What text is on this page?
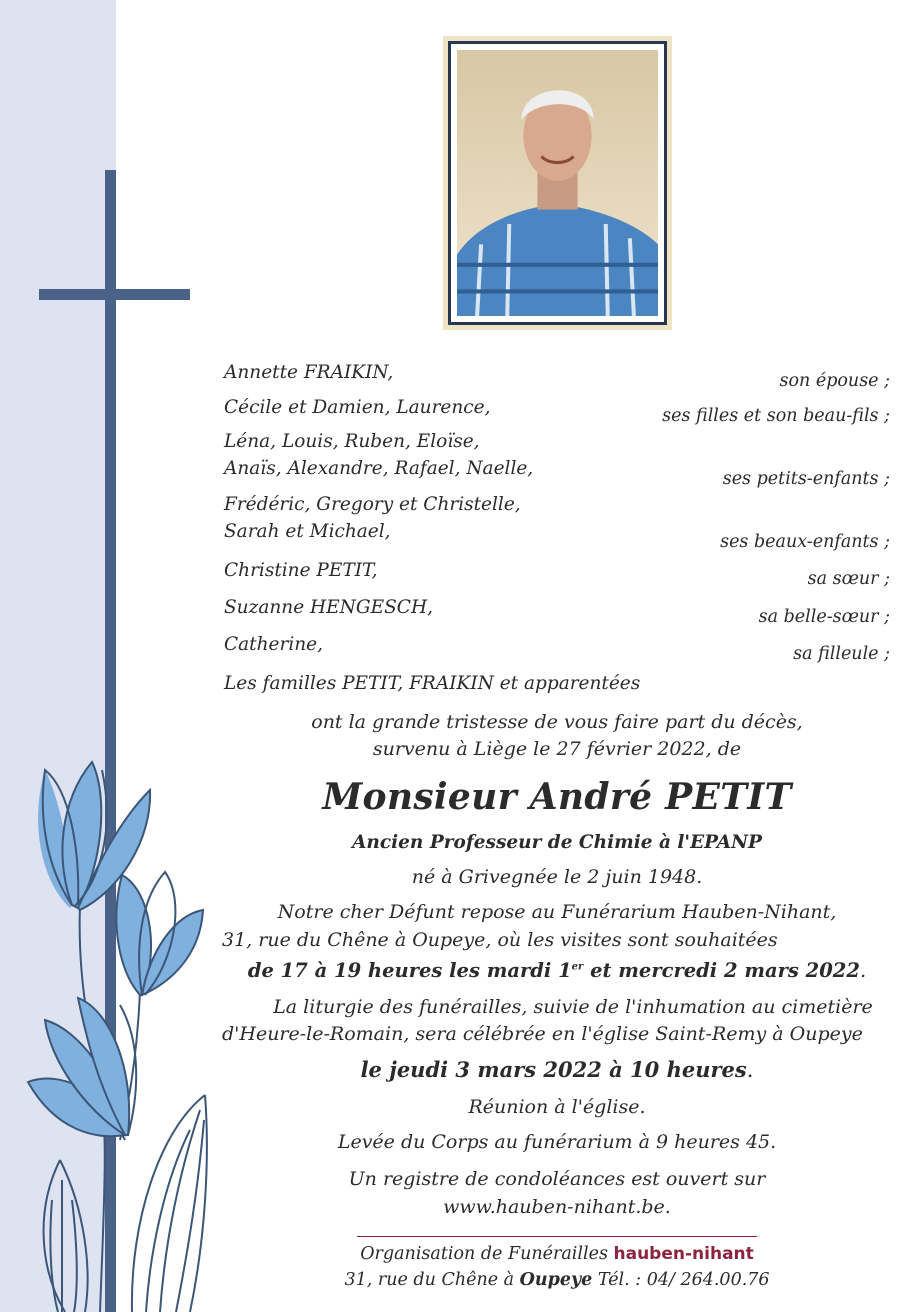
Annette FRAIKIN,	son épouse ;
Cécile et Damien, Laurence,	ses filles et son beau-fils ;
Léna, Louis, Ruben, Eloïse,
Anaïs, Alexandre, Rafael, Naelle,	ses petits-enfants ;
Frédéric, Gregory et Christelle,
Sarah et Michael,	ses beaux-enfants ;
Christine PETIT,	sa sœur ;
Suzanne HENGESCH,	sa belle-sœur ;
Catherine,	sa filleule ;
Les familles PETIT, FRAIKIN et apparentées
ont la grande tristesse de vous faire part du décès,
survenu à Liège le 27 février 2022, de
Monsieur André PETIT
Ancien Professeur de Chimie à l'EPANP
né à Grivegnée le 2 juin 1948.
Notre cher Défunt repose au Funérarium Hauben-Nihant,
31, rue du Chêne à Oupeye, où les visites sont souhaitées
de 17 à 19 heures les mardi 1er et mercredi 2 mars 2022.
La liturgie des funérailles, suivie de l'inhumation au cimetière
d'Heure-le-Romain, sera célébrée en l'église Saint-Remy à Oupeye
le jeudi 3 mars 2022 à 10 heures.
Réunion à l'église.
Levée du Corps au funérarium à 9 heures 45.
Un registre de condoléances est ouvert sur
www.hauben-nihant.be.
Organisation de Funérailles hauben-nihant
31, rue du Chêne à Oupeye Tél. : 04/ 264.00.76
